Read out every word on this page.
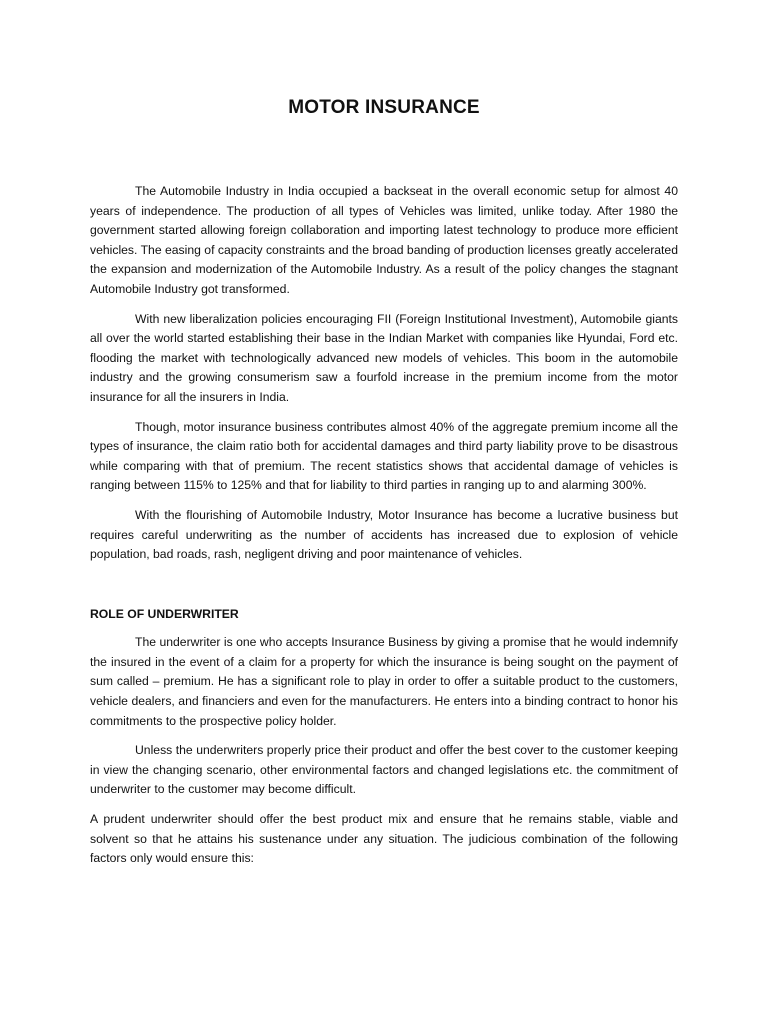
MOTOR INSURANCE

The Automobile Industry in India occupied a backseat in the overall economic setup for almost 40 years of independence. The production of all types of Vehicles was limited, unlike today. After 1980 the government started allowing foreign collaboration and importing latest technology to produce more efficient vehicles. The easing of capacity constraints and the broad banding of production licenses greatly accelerated the expansion and modernization of the Automobile Industry. As a result of the policy changes the stagnant Automobile Industry got transformed.

With new liberalization policies encouraging FII (Foreign Institutional Investment), Automobile giants all over the world started establishing their base in the Indian Market with companies like Hyundai, Ford etc. flooding the market with technologically advanced new models of vehicles. This boom in the automobile industry and the growing consumerism saw a fourfold increase in the premium income from the motor insurance for all the insurers in India.

Though, motor insurance business contributes almost 40% of the aggregate premium income all the types of insurance, the claim ratio both for accidental damages and third party liability prove to be disastrous while comparing with that of premium. The recent statistics shows that accidental damage of vehicles is ranging between 115% to 125% and that for liability to third parties in ranging up to and alarming 300%.

With the flourishing of Automobile Industry, Motor Insurance has become a lucrative business but requires careful underwriting as the number of accidents has increased due to explosion of vehicle population, bad roads, rash, negligent driving and poor maintenance of vehicles.

ROLE OF UNDERWRITER

The underwriter is one who accepts Insurance Business by giving a promise that he would indemnify the insured in the event of a claim for a property for which the insurance is being sought on the payment of sum called – premium. He has a significant role to play in order to offer a suitable product to the customers, vehicle dealers, and financiers and even for the manufacturers. He enters into a binding contract to honor his commitments to the prospective policy holder.

Unless the underwriters properly price their product and offer the best cover to the customer keeping in view the changing scenario, other environmental factors and changed legislations etc. the commitment of underwriter to the customer may become difficult.

A prudent underwriter should offer the best product mix and ensure that he remains stable, viable and solvent so that he attains his sustenance under any situation. The judicious combination of the following factors only would ensure this:
